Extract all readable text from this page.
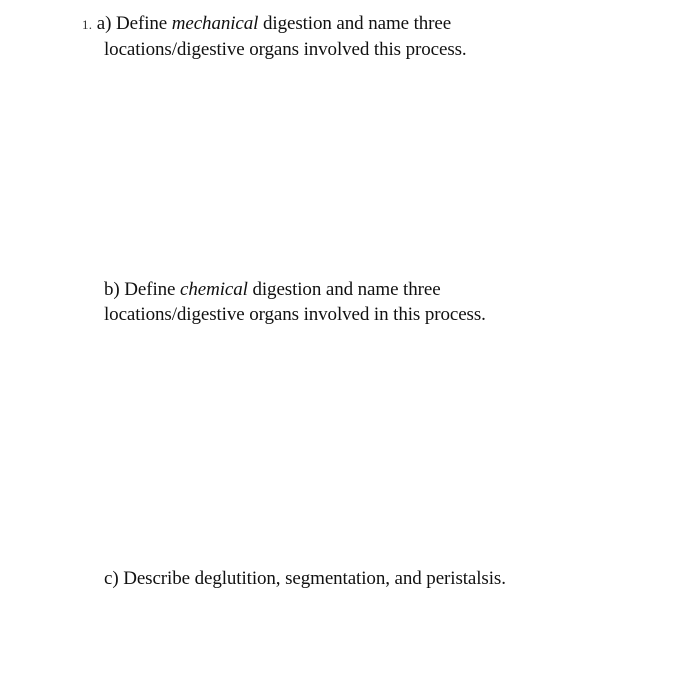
1. a) Define mechanical digestion and name three
locations/digestive organs involved this process.
b) Define chemical digestion and name three
locations/digestive organs involved in this process.
c) Describe deglutition, segmentation, and peristalsis.
